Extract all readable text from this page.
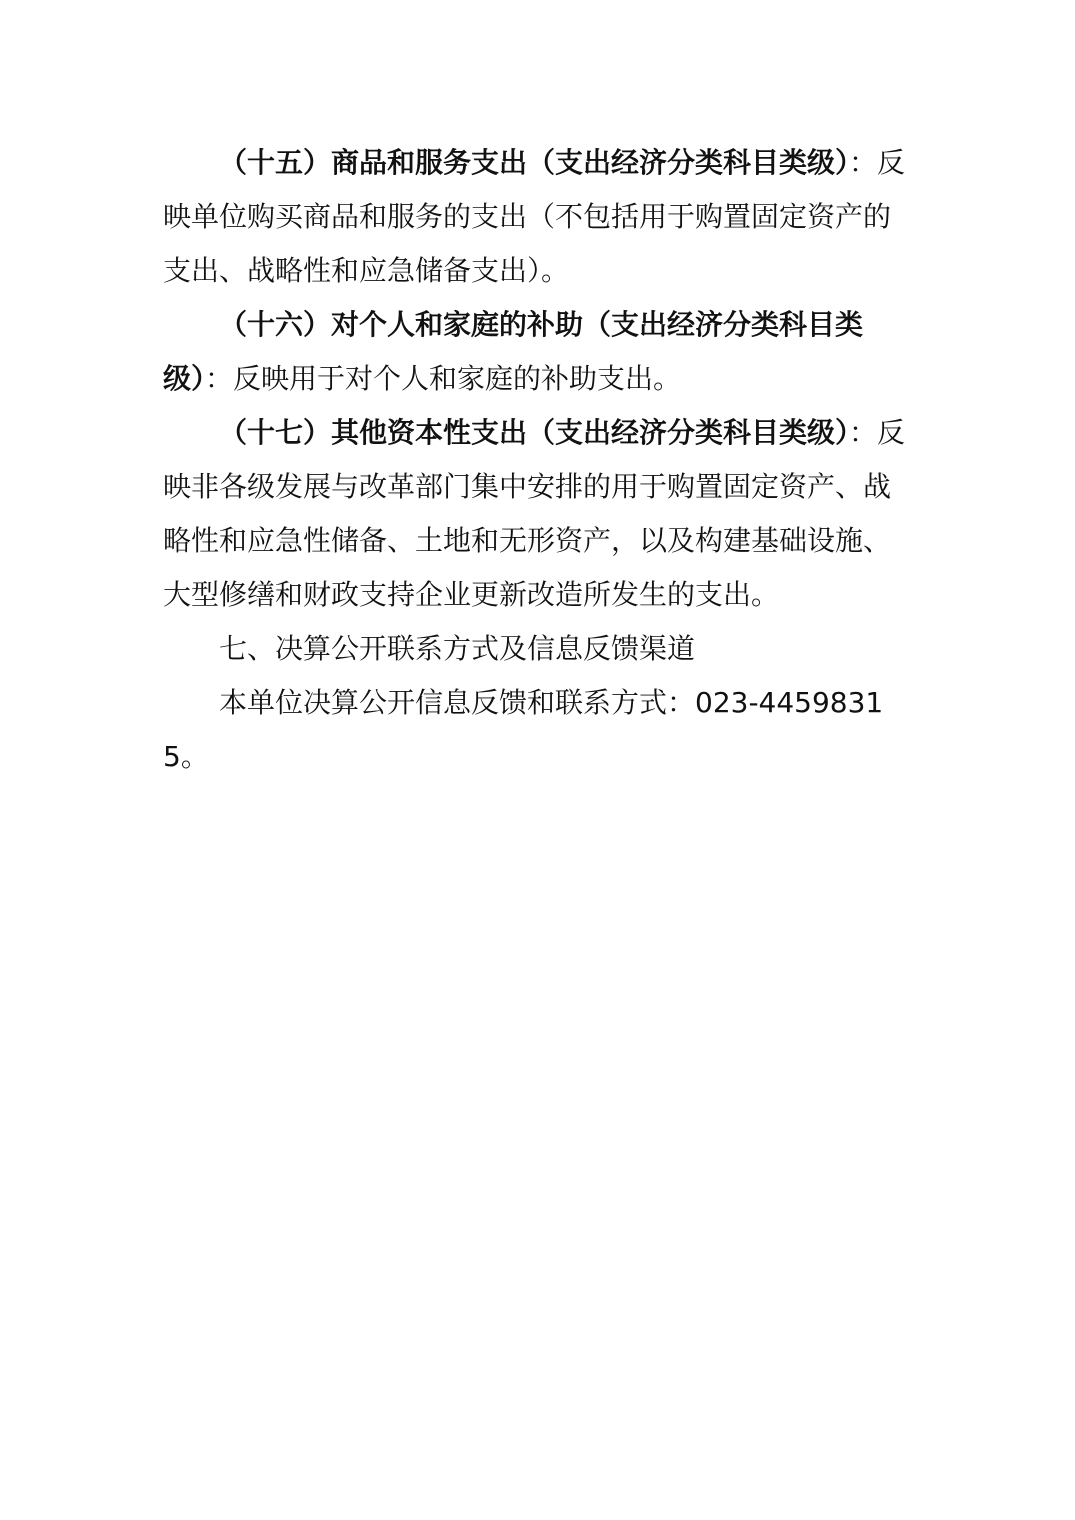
（十五）商品和服务支出（支出经济分类科目类级）：反映单位购买商品和服务的支出（不包括用于购置固定资产的支出、战略性和应急储备支出）。

（十六）对个人和家庭的补助（支出经济分类科目类级）：反映用于对个人和家庭的补助支出。

（十七）其他资本性支出（支出经济分类科目类级）：反映非各级发展与改革部门集中安排的用于购置固定资产、战略性和应急性储备、土地和无形资产，以及构建基础设施、大型修缮和财政支持企业更新改造所发生的支出。

七、决算公开联系方式及信息反馈渠道

本单位决算公开信息反馈和联系方式：023-44598315。
